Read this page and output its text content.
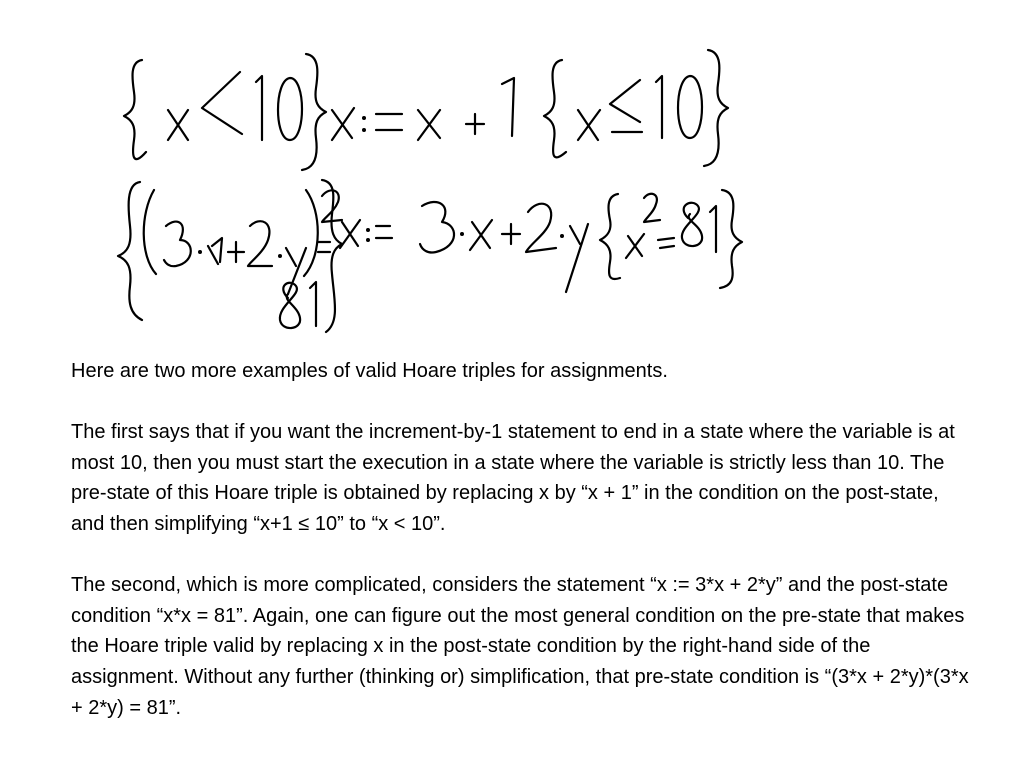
Here are two more examples of valid Hoare triples for assignments.

The first says that if you want the increment-by-1 statement to end in a state where the variable is at most 10, then you must start the execution in a state where the variable is strictly less than 10. The pre-state of this Hoare triple is obtained by replacing x by “x + 1” in the condition on the post-state, and then simplifying “x+1 ≤ 10” to “x < 10”.

The second, which is more complicated, considers the statement “x := 3*x + 2*y” and the post-state condition “x*x = 81”. Again, one can figure out the most general condition on the pre-state that makes the Hoare triple valid by replacing x in the post-state condition by the right-hand side of the assignment. Without any further (thinking or) simplification, that pre-state condition is “(3*x + 2*y)*(3*x + 2*y) = 81”.
